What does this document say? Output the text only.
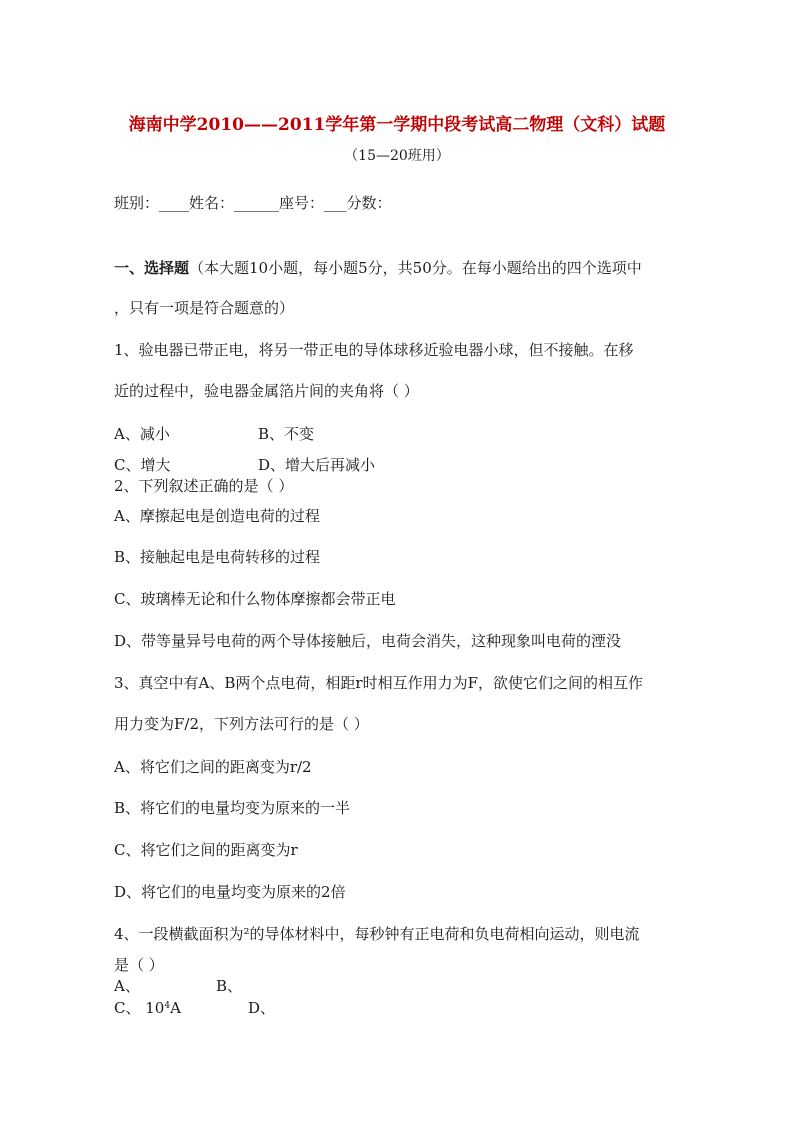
海南中学2010——2011学年第一学期中段考试高二物理（文科）试题
（15—20班用）
班别：____姓名：______座号：___分数：
一、选择题（本大题10小题，每小题5分，共50分。在每小题给出的四个选项中
，只有一项是符合题意的）
1、验电器已带正电，将另一带正电的导体球移近验电器小球，但不接触。在移
近的过程中，验电器金属箔片间的夹角将（ ）
A、减小	B、不变
C、增大	D、增大后再减小
2、下列叙述正确的是（ ）
A、摩擦起电是创造电荷的过程
B、接触起电是电荷转移的过程
C、玻璃棒无论和什么物体摩擦都会带正电
D、带等量异号电荷的两个导体接触后，电荷会消失，这种现象叫电荷的湮没
3、真空中有A、B两个点电荷，相距r时相互作用力为F，欲使它们之间的相互作
用力变为F/2，下列方法可行的是（ ）
A、将它们之间的距离变为r/2
B、将它们的电量均变为原来的一半
C、将它们之间的距离变为r
D、将它们的电量均变为原来的2倍
4、一段横截面积为²的导体材料中，每秒钟有正电荷和负电荷相向运动，则电流
是（ ）
A、	B、
C、 $10^4A$	D、
